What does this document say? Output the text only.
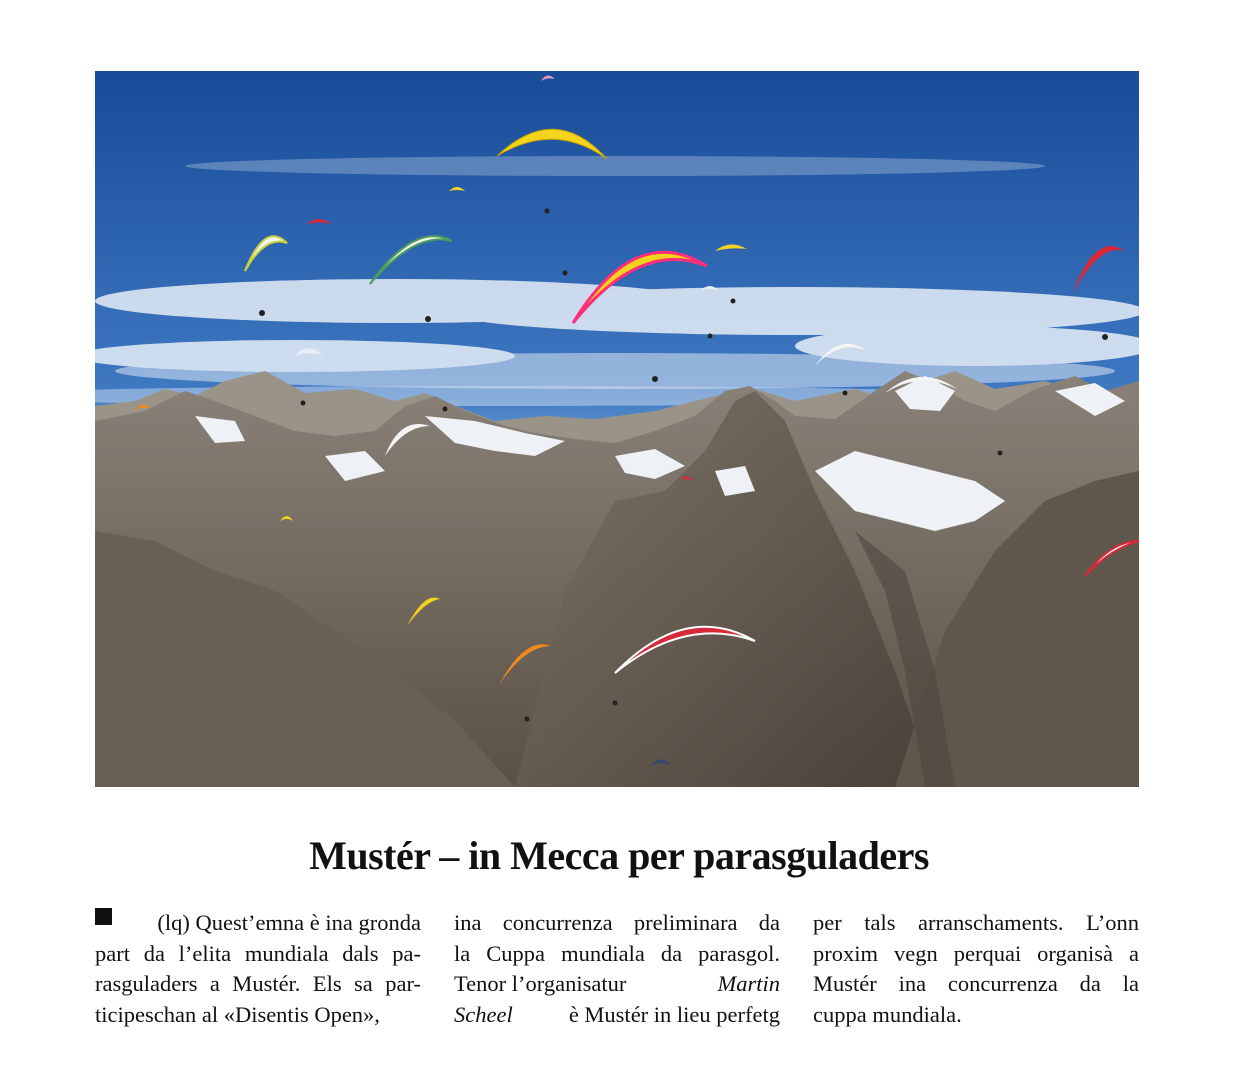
Mustér – in Mecca per parasguladers

(lq) Quest’emna è ina gronda
part da l’elita mundiala dals pa-
rasguladers a Mustér. Els sa par-
ticipeschan al «Disentis Open»,

ina concurrenza preliminara da
la Cuppa mundiala da parasgol.
Tenor l’organisatur	Martin
Scheel è Mustér in lieu perfetg

per tals arranschaments. L’onn
proxim vegn perquai organisà a
Mustér ina concurrenza da la
cuppa mundiala.
